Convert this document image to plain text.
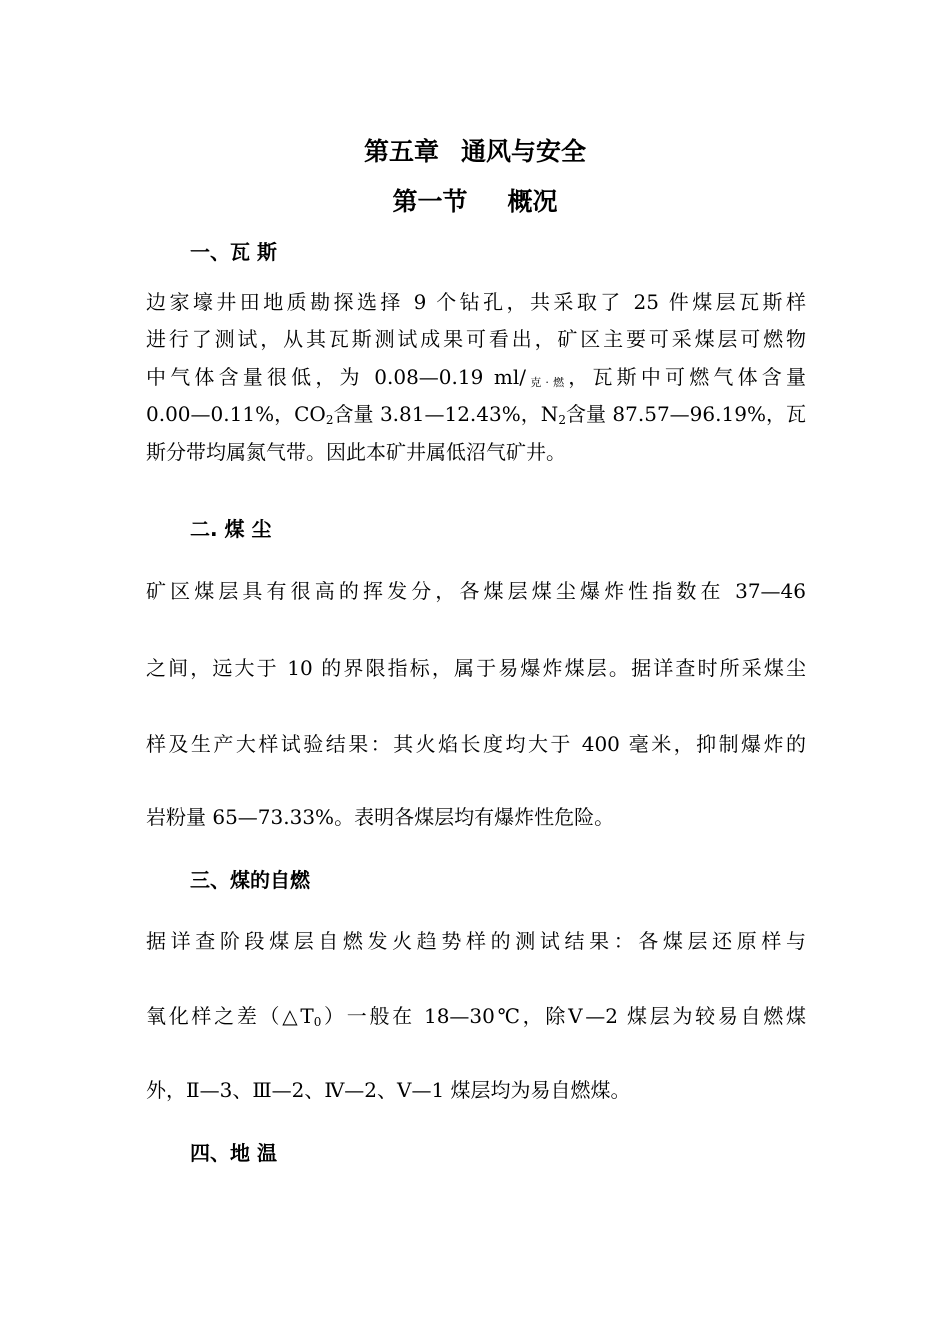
第五章 通风与安全
第一节 概况
一、瓦 斯
边家壕井田地质勘探选择 9 个钻孔，共采取了 25 件煤层瓦斯样
进行了测试，从其瓦斯测试成果可看出，矿区主要可采煤层可燃物
中气体含量很低，为 0.08—0.19 $ml/_{克\cdot 燃}$，瓦斯中可燃气体含量
0.00—0.11%，$CO_2$含量 3.81—12.43%，$N_2$含量 87.57—96.19%，瓦
斯分带均属氮气带。因此本矿井属低沼气矿井。
二. 煤 尘
矿区煤层具有很高的挥发分，各煤层煤尘爆炸性指数在 37—46
之间，远大于 10 的界限指标，属于易爆炸煤层。据详查时所采煤尘
样及生产大样试验结果：其火焰长度均大于 400 毫米，抑制爆炸的
岩粉量 65—73.33%。表明各煤层均有爆炸性危险。
三、煤的自燃
据详查阶段煤层自燃发火趋势样的测试结果：各煤层还原样与
氧化样之差$(\triangle T_0)$一般在 18—30℃，除Ⅴ—2 煤层为较易自燃煤
外，Ⅱ—3、Ⅲ—2、Ⅳ—2、Ⅴ—1 煤层均为易自燃煤。
四、地 温
